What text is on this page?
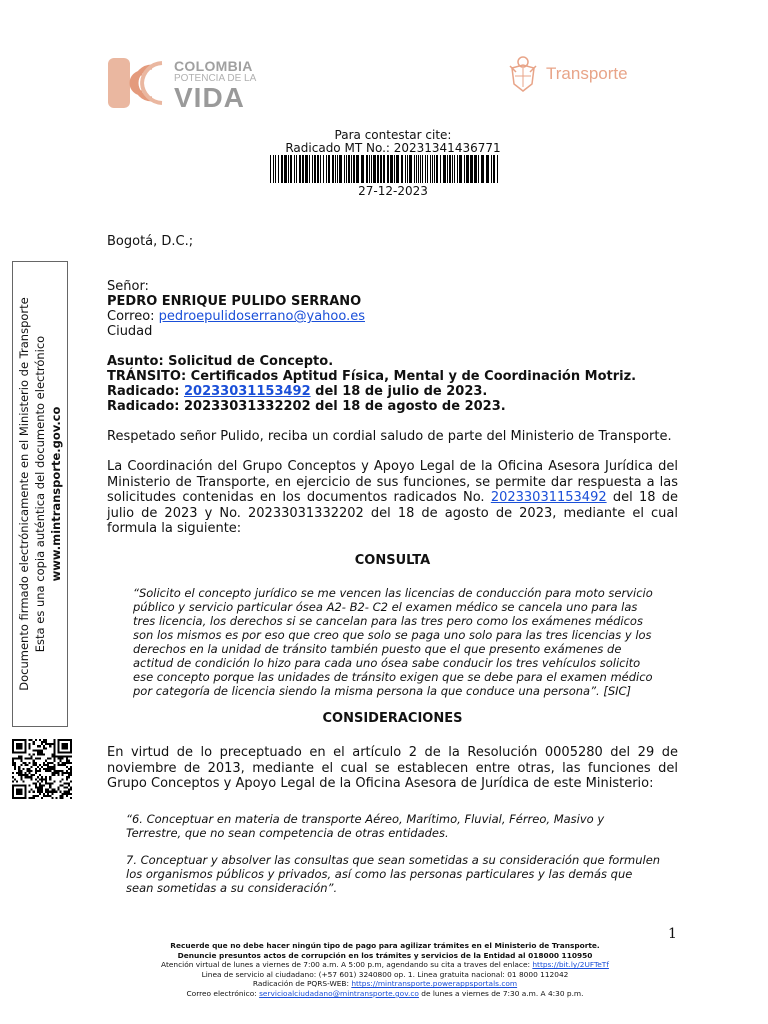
COLOMBIA
POTENCIA DE LA
VIDA
Transporte
Para contestar cite:
Radicado MT No.: 20231341436771
27-12-2023
Documento firmado electrónicamente en el Ministerio de Transporte Esta es una copia auténtica del documento electrónico www.mintransporte.gov.co
Bogotá, D.C.;
Señor:
PEDRO ENRIQUE PULIDO SERRANO
Correo: pedroepulidoserrano@yahoo.es
Ciudad
Asunto: Solicitud de Concepto.
TRÁNSITO: Certificados Aptitud Física, Mental y de Coordinación Motriz.
Radicado: 20233031153492 del 18 de julio de 2023.
Radicado: 20233031332202 del 18 de agosto de 2023.
Respetado señor Pulido, reciba un cordial saludo de parte del Ministerio de Transporte.
La Coordinación del Grupo Conceptos y Apoyo Legal de la Oficina Asesora Jurídica del Ministerio de Transporte, en ejercicio de sus funciones, se permite dar respuesta a las solicitudes contenidas en los documentos radicados No. 20233031153492 del 18 de julio de 2023 y No. 20233031332202 del 18 de agosto de 2023, mediante el cual formula la siguiente:
CONSULTA
“Solicito el concepto jurídico se me vencen las licencias de conducción para moto servicio público y servicio particular ósea A2- B2- C2 el examen médico se cancela uno para las tres licencia, los derechos si se cancelan para las tres pero como los exámenes médicos son los mismos es por eso que creo que solo se paga uno solo para las tres licencias y los derechos en la unidad de tránsito también puesto que el que presento exámenes de actitud de condición lo hizo para cada uno ósea sabe conducir los tres vehículos solicito ese concepto porque las unidades de tránsito exigen que se debe para el examen médico por categoría de licencia siendo la misma persona la que conduce una persona”. [SIC]
CONSIDERACIONES
En virtud de lo preceptuado en el artículo 2 de la Resolución 0005280 del 29 de noviembre de 2013, mediante el cual se establecen entre otras, las funciones del Grupo Conceptos y Apoyo Legal de la Oficina Asesora de Jurídica de este Ministerio:
“6. Conceptuar en materia de transporte Aéreo, Marítimo, Fluvial, Férreo, Masivo y Terrestre, que no sean competencia de otras entidades.
7. Conceptuar y absolver las consultas que sean sometidas a su consideración que formulen los organismos públicos y privados, así como las personas particulares y las demás que sean sometidas a su consideración”.
1
Recuerde que no debe hacer ningún tipo de pago para agilizar trámites en el Ministerio de Transporte.
Denuncie presuntos actos de corrupción en los trámites y servicios de la Entidad al 018000 110950
Atención virtual de lunes a viernes de 7:00 a.m. A 5:00 p.m, agendando su cita a traves del enlace: https://bit.ly/2UFTeTf
Linea de servicio al ciudadano: (+57 601) 3240800 op. 1. Linea gratuita nacional: 01 8000 112042
Radicación de PQRS-WEB: https://mintransporte.powerappsportals.com
Correo electrónico: servicioalciudadano@mintransporte.gov.co de lunes a viernes de 7:30 a.m. A 4:30 p.m.
